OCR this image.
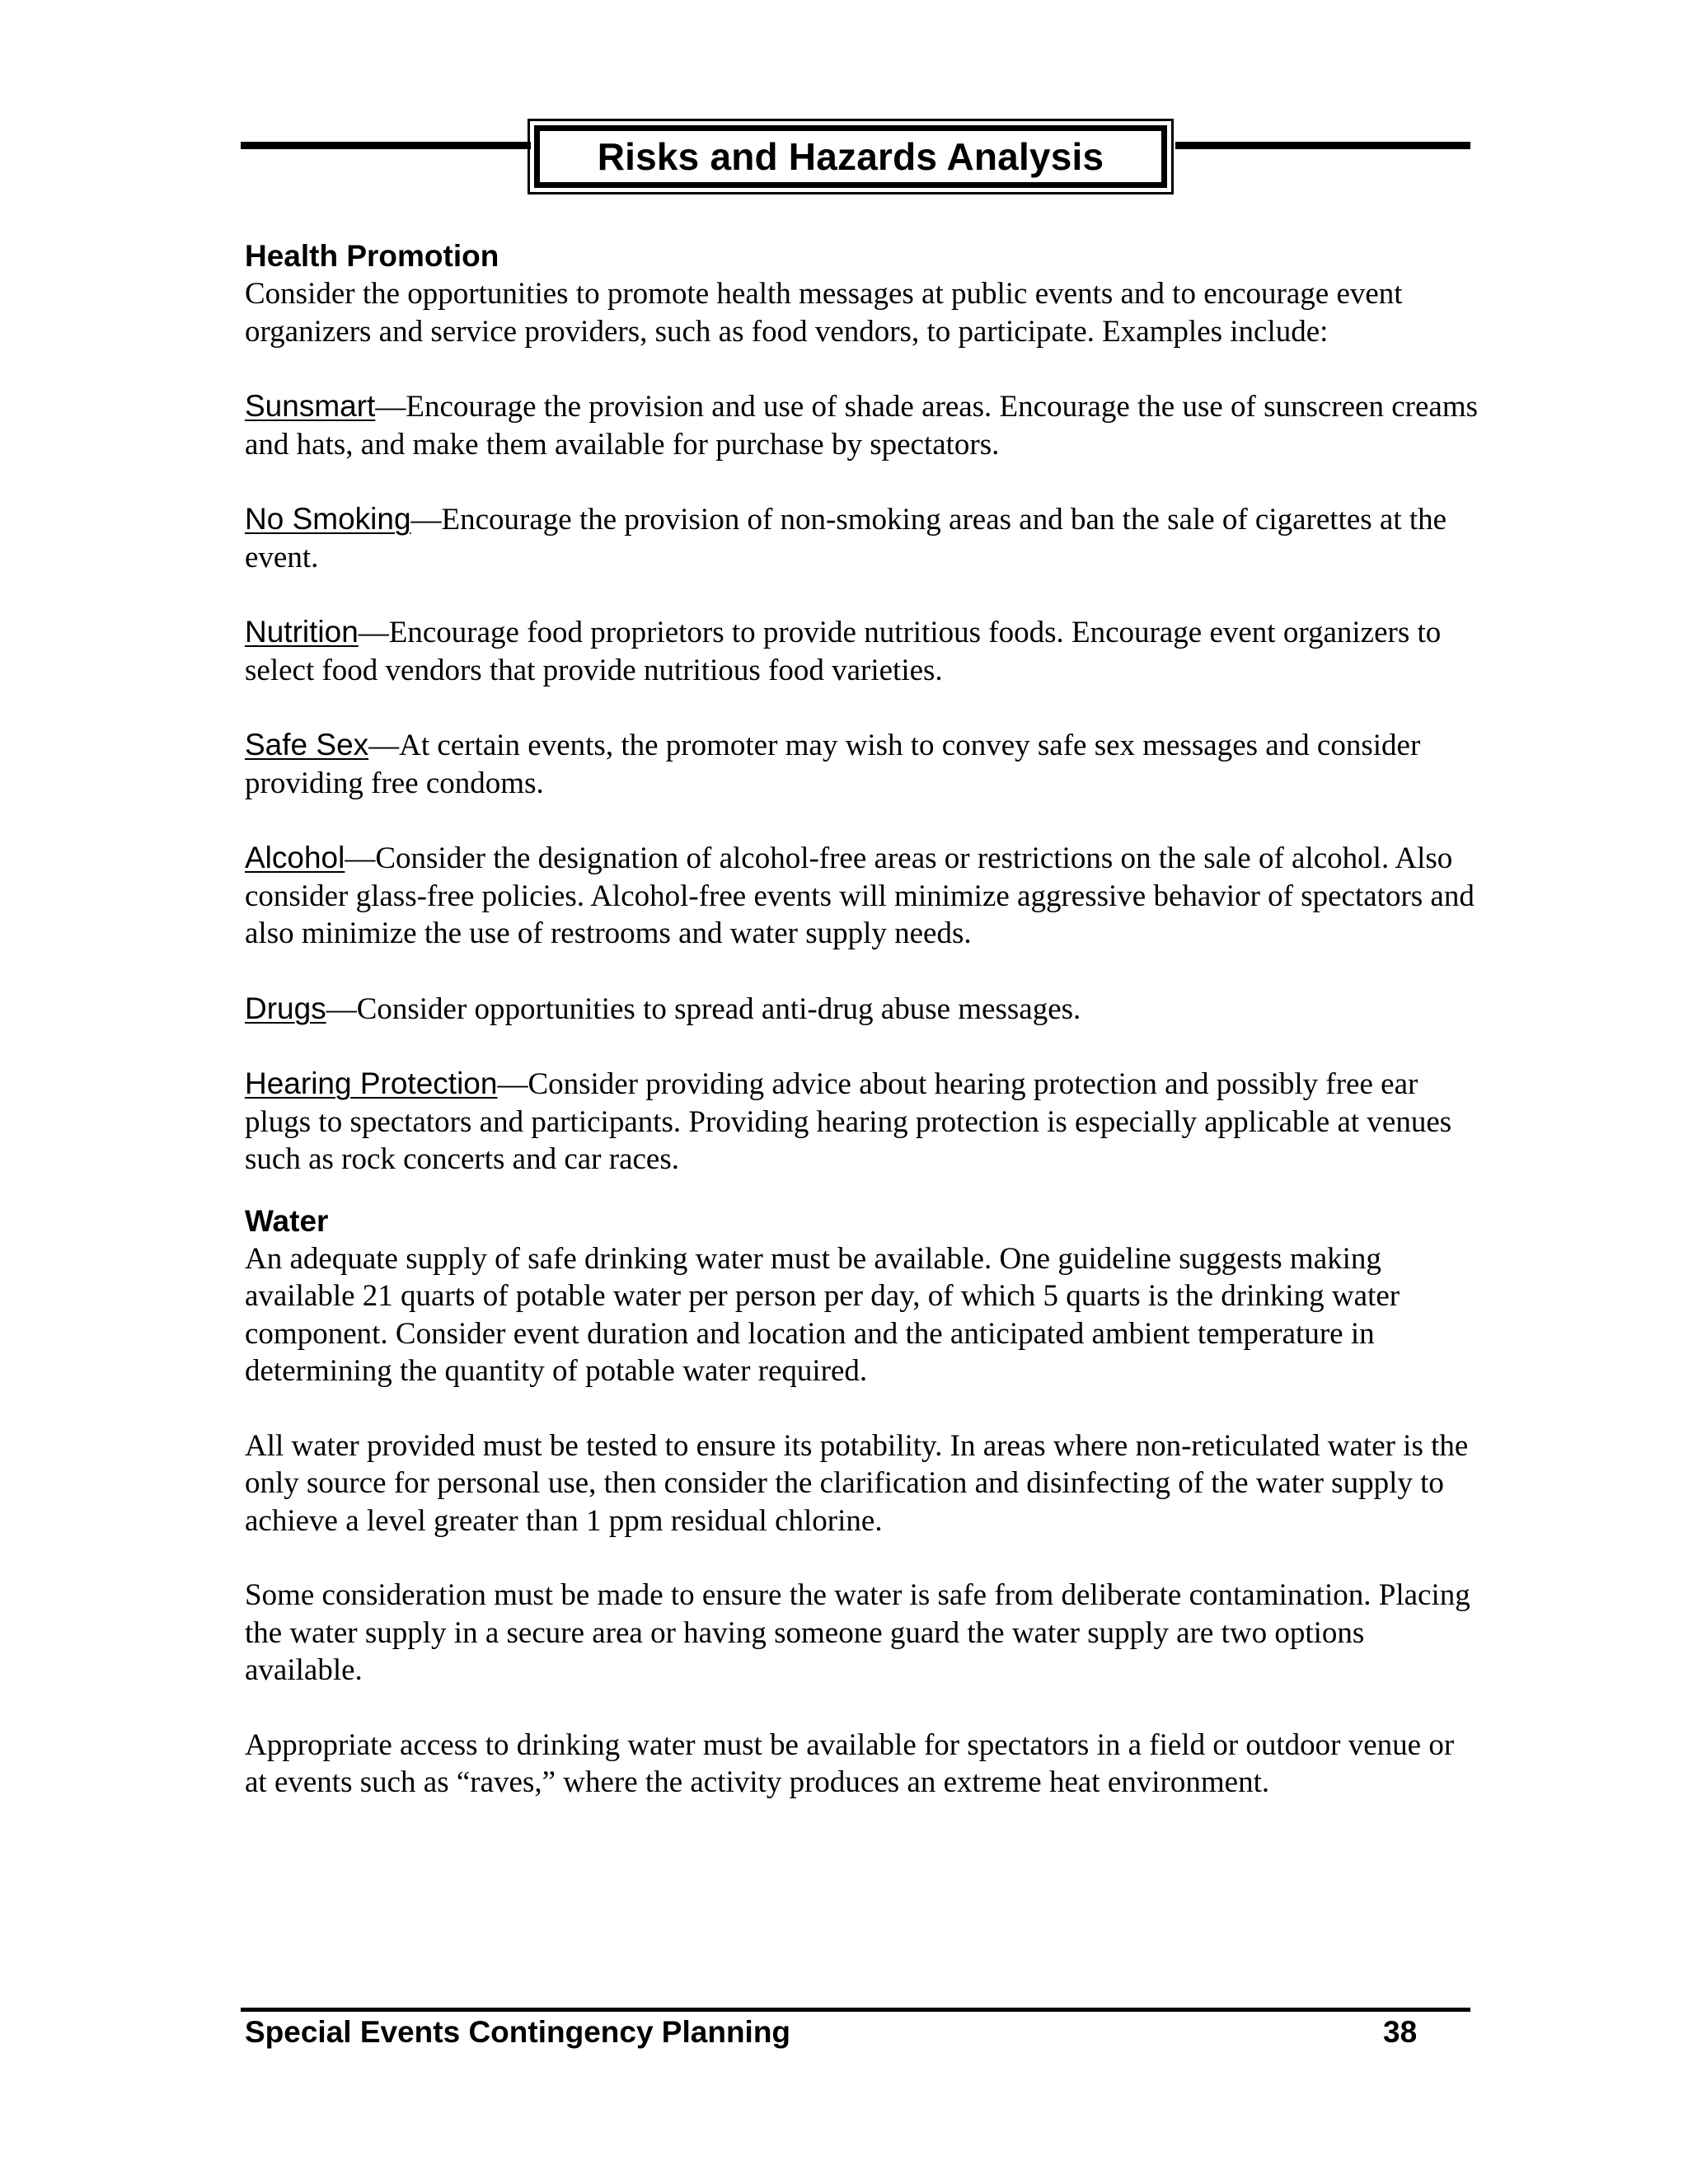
Risks and Hazards Analysis
Health Promotion

Consider the opportunities to promote health messages at public events and to encourage event organizers and service providers, such as food vendors, to participate. Examples include:

Sunsmart—Encourage the provision and use of shade areas. Encourage the use of sunscreen creams and hats, and make them available for purchase by spectators.

No Smoking—Encourage the provision of non-smoking areas and ban the sale of cigarettes at the event.

Nutrition—Encourage food proprietors to provide nutritious foods. Encourage event organizers to select food vendors that provide nutritious food varieties.

Safe Sex—At certain events, the promoter may wish to convey safe sex messages and consider providing free condoms.

Alcohol—Consider the designation of alcohol-free areas or restrictions on the sale of alcohol. Also consider glass-free policies. Alcohol-free events will minimize aggressive behavior of spectators and also minimize the use of restrooms and water supply needs.

Drugs—Consider opportunities to spread anti-drug abuse messages.

Hearing Protection—Consider providing advice about hearing protection and possibly free ear plugs to spectators and participants. Providing hearing protection is especially applicable at venues such as rock concerts and car races.

Water

An adequate supply of safe drinking water must be available. One guideline suggests making available 21 quarts of potable water per person per day, of which 5 quarts is the drinking water component. Consider event duration and location and the anticipated ambient temperature in determining the quantity of potable water required.

All water provided must be tested to ensure its potability. In areas where non-reticulated water is the only source for personal use, then consider the clarification and disinfecting of the water supply to achieve a level greater than 1 ppm residual chlorine.

Some consideration must be made to ensure the water is safe from deliberate contamination. Placing the water supply in a secure area or having someone guard the water supply are two options available.

Appropriate access to drinking water must be available for spectators in a field or outdoor venue or at events such as “raves,” where the activity produces an extreme heat environment.

Special Events Contingency Planning	38
